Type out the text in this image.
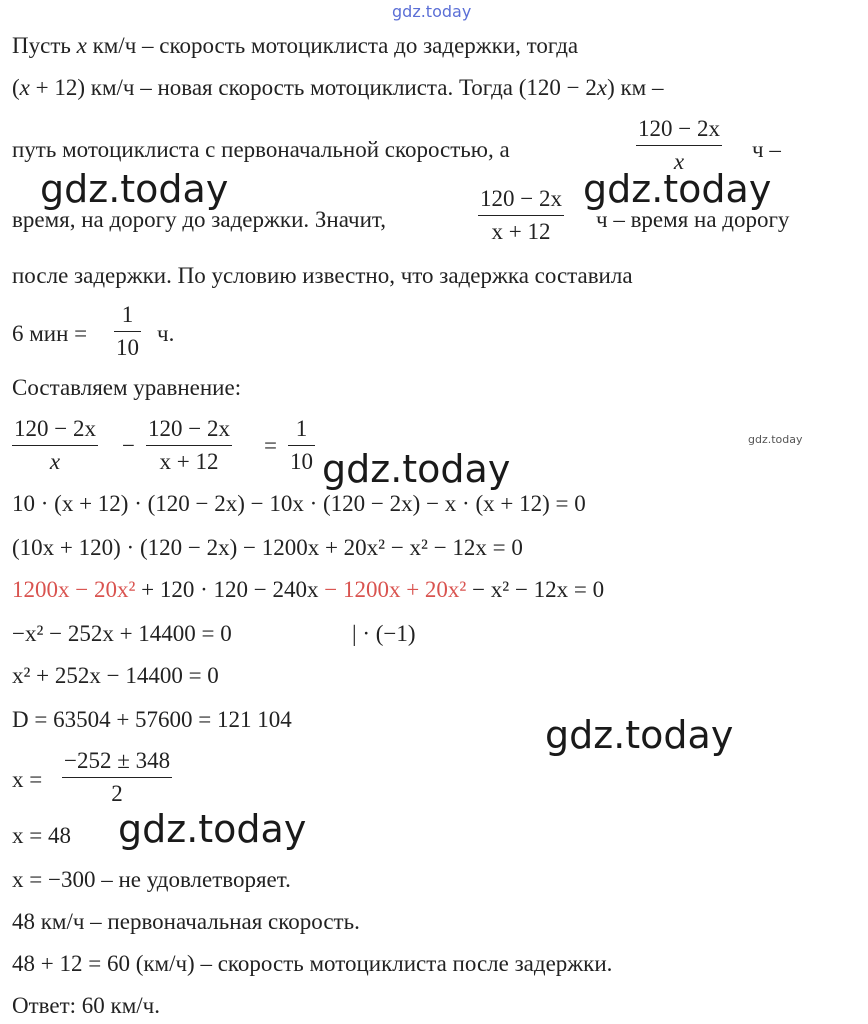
gdz.today
Пусть x км/ч – скорость мотоциклиста до задержки, тогда
(x + 12) км/ч – новая скорость мотоциклиста. Тогда (120 − 2x) км –
путь мотоциклиста с первоначальной скоростью, а	$\frac{120 - 2x}{x}$ ч –
gdz.today	gdz.today
время, на дорогу до задержки. Значит,	$\frac{120 - 2x}{x + 12}$ ч – время на дорогу
после задержки. По условию известно, что задержка составила
6 мин = $\frac{1}{10} ч$.
Составляем уравнение:
$\frac{120 - 2x}{x} - \frac{120 - 2x}{x + 12} = \frac{1}{10}$ gdz.today
gdz.today
10 · (x + 12) · (120 − 2x) − 10x · (120 − 2x) − x · (x + 12) = 0
(10x + 120) · (120 − 2x) − 1200x + 20x² − x² − 12x = 0
1200x − 20x² + 120 · 120 − 240x − 1200x + 20x² − x² − 12x = 0
−x² − 252x + 14400 = 0	| · (−1)
x² + 252x − 14400 = 0
D = 63504 + 57600 = 121 104	gdz.today
$x = \frac{-252 \pm 348}{2}$
x = 48 gdz.today
x = −300 – не удовлетворяет.
48 км/ч – первоначальная скорость.
48 + 12 = 60 (км/ч) – скорость мотоциклиста после задержки.
Ответ: 60 км/ч.
